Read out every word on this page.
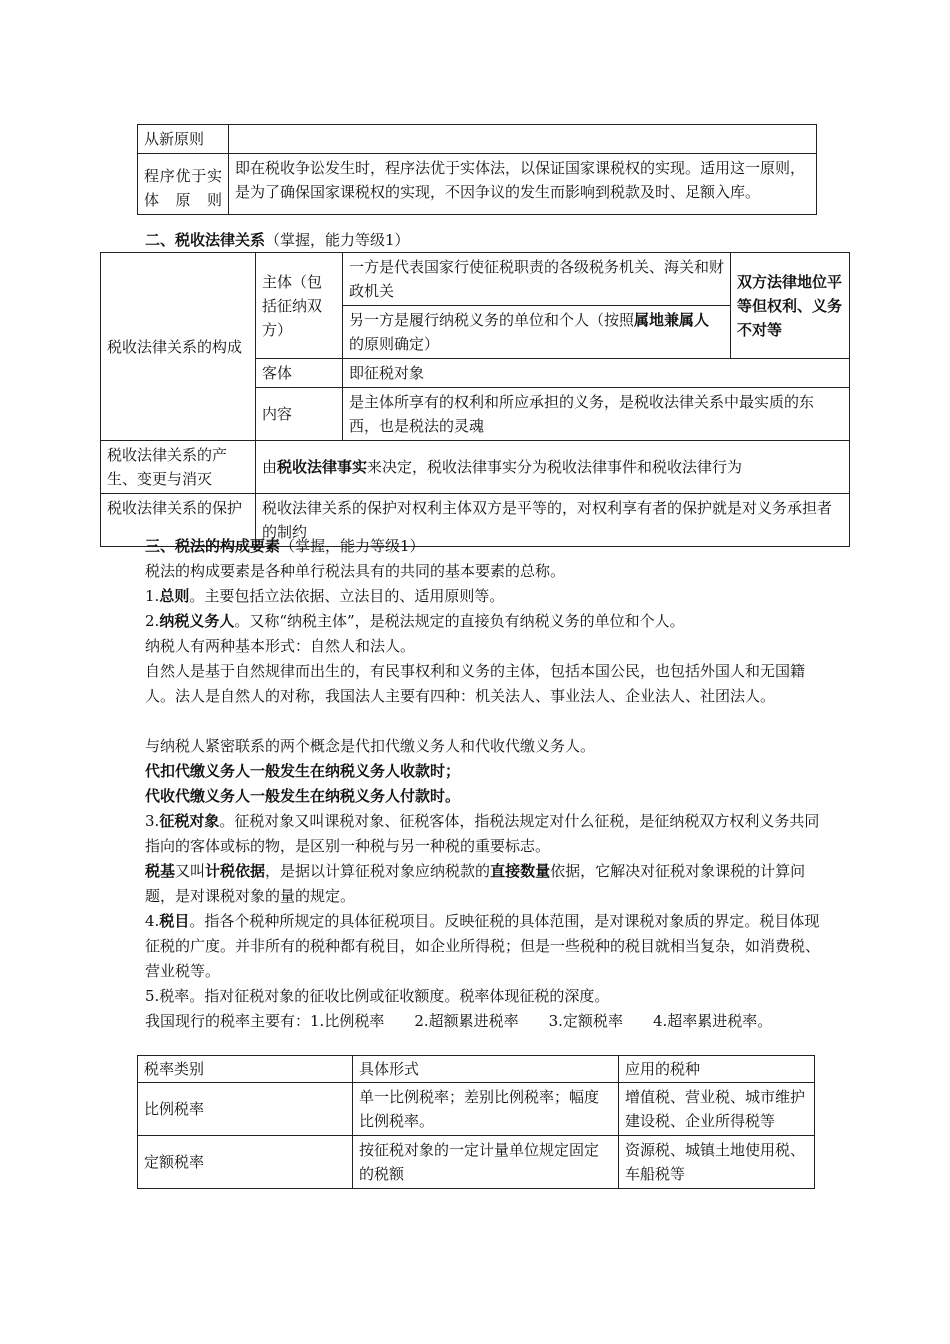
从新原则	
程序优于实体原则	即在税收争讼发生时，程序法优于实体法，以保证国家课税权的实现。适用这一原则，是为了确保国家课税权的实现，不因争议的发生而影响到税款及时、足额入库。

二、税收法律关系（掌握，能力等级1）

税收法律关系的构成	主体（包括征纳双方）	一方是代表国家行使征税职责的各级税务机关、海关和财政机关	双方法律地位平等但权利、义务不对等
		另一方是履行纳税义务的单位和个人（按照属地兼属人的原则确定）	
	客体	即征税对象	
	内容	是主体所享有的权利和所应承担的义务，是税收法律关系中最实质的东西，也是税法的灵魂	
税收法律关系的产生、变更与消灭	由税收法律事实来决定，税收法律事实分为税收法律事件和税收法律行为		
税收法律关系的保护	税收法律关系的保护对权利主体双方是平等的，对权利享有者的保护就是对义务承担者的制约		

三、税法的构成要素（掌握，能力等级1）

税法的构成要素是各种单行税法具有的共同的基本要素的总称。

1.总则。主要包括立法依据、立法目的、适用原则等。

2.纳税义务人。又称“纳税主体”，是税法规定的直接负有纳税义务的单位和个人。

纳税人有两种基本形式：自然人和法人。

自然人是基于自然规律而出生的，有民事权利和义务的主体，包括本国公民，也包括外国人和无国籍人。法人是自然人的对称，我国法人主要有四种：机关法人、事业法人、企业法人、社团法人。

与纳税人紧密联系的两个概念是代扣代缴义务人和代收代缴义务人。

代扣代缴义务人一般发生在纳税义务人收款时；

代收代缴义务人一般发生在纳税义务人付款时。

3.征税对象。征税对象又叫课税对象、征税客体，指税法规定对什么征税，是征纳税双方权利义务共同指向的客体或标的物，是区别一种税与另一种税的重要标志。

税基又叫计税依据，是据以计算征税对象应纳税款的直接数量依据，它解决对征税对象课税的计算问题，是对课税对象的量的规定。

4.税目。指各个税种所规定的具体征税项目。反映征税的具体范围，是对课税对象质的界定。税目体现征税的广度。并非所有的税种都有税目，如企业所得税；但是一些税种的税目就相当复杂，如消费税、营业税等。

5.税率。指对征税对象的征收比例或征收额度。税率体现征税的深度。

我国现行的税率主要有：1.比例税率　　2.超额累进税率　　3.定额税率　　4.超率累进税率。

税率类别	具体形式	应用的税种
比例税率	单一比例税率；差别比例税率；幅度比例税率。	增值税、营业税、城市维护建设税、企业所得税等
定额税率	按征税对象的一定计量单位规定固定的税额	资源税、城镇土地使用税、车船税等
